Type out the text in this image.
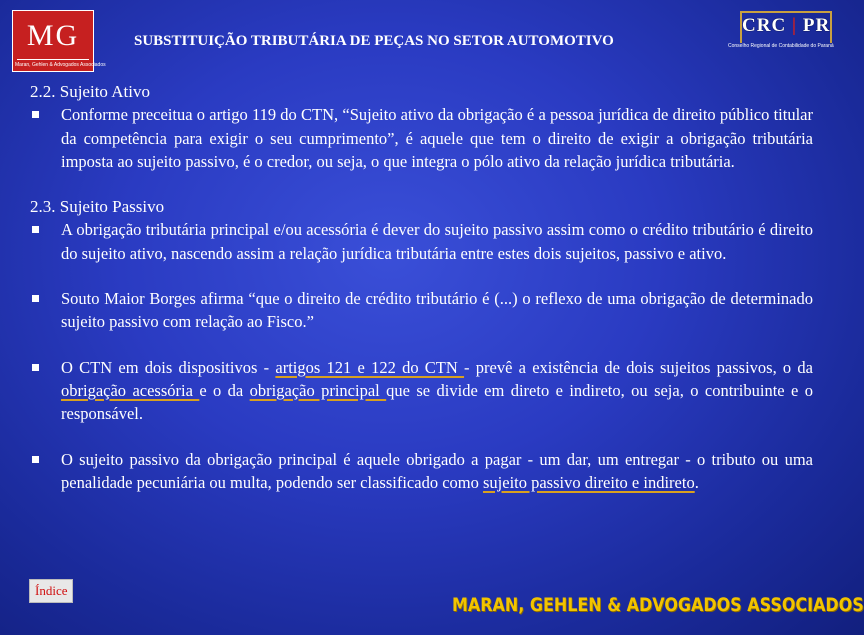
MG
Maran, Gehlen & Advogados Associados
SUBSTITUIÇÃO TRIBUTÁRIA DE PEÇAS NO SETOR AUTOMOTIVO
CRC | PR
Conselho Regional de Contabilidade do Paraná

2.2. Sujeito Ativo

Conforme preceitua o artigo 119 do CTN, “Sujeito ativo da obrigação é a pessoa jurídica de direito público titular da competência para exigir o seu cumprimento”, é aquele que tem o direito de exigir a obrigação tributária imposta ao sujeito passivo, é o credor, ou seja, o que integra o pólo ativo da relação jurídica tributária.

2.3. Sujeito Passivo

A obrigação tributária principal e/ou acessória é dever do sujeito passivo assim como o crédito tributário é direito do sujeito ativo, nascendo assim a relação jurídica tributária entre estes dois sujeitos, passivo e ativo.

Souto Maior Borges afirma “que o direito de crédito tributário é (...) o reflexo de uma obrigação de determinado sujeito passivo com relação ao Fisco.”

O CTN em dois dispositivos - artigos 121 e 122 do CTN - prevê a existência de dois sujeitos passivos, o da obrigação acessória e o da obrigação principal que se divide em direto e indireto, ou seja, o contribuinte e o responsável.

O sujeito passivo da obrigação principal é aquele obrigado a pagar - um dar, um entregar - o tributo ou uma penalidade pecuniária ou multa, podendo ser classificado como sujeito passivo direito e indireto.

Índice
MARAN, GEHLEN & ADVOGADOS ASSOCIADOS
